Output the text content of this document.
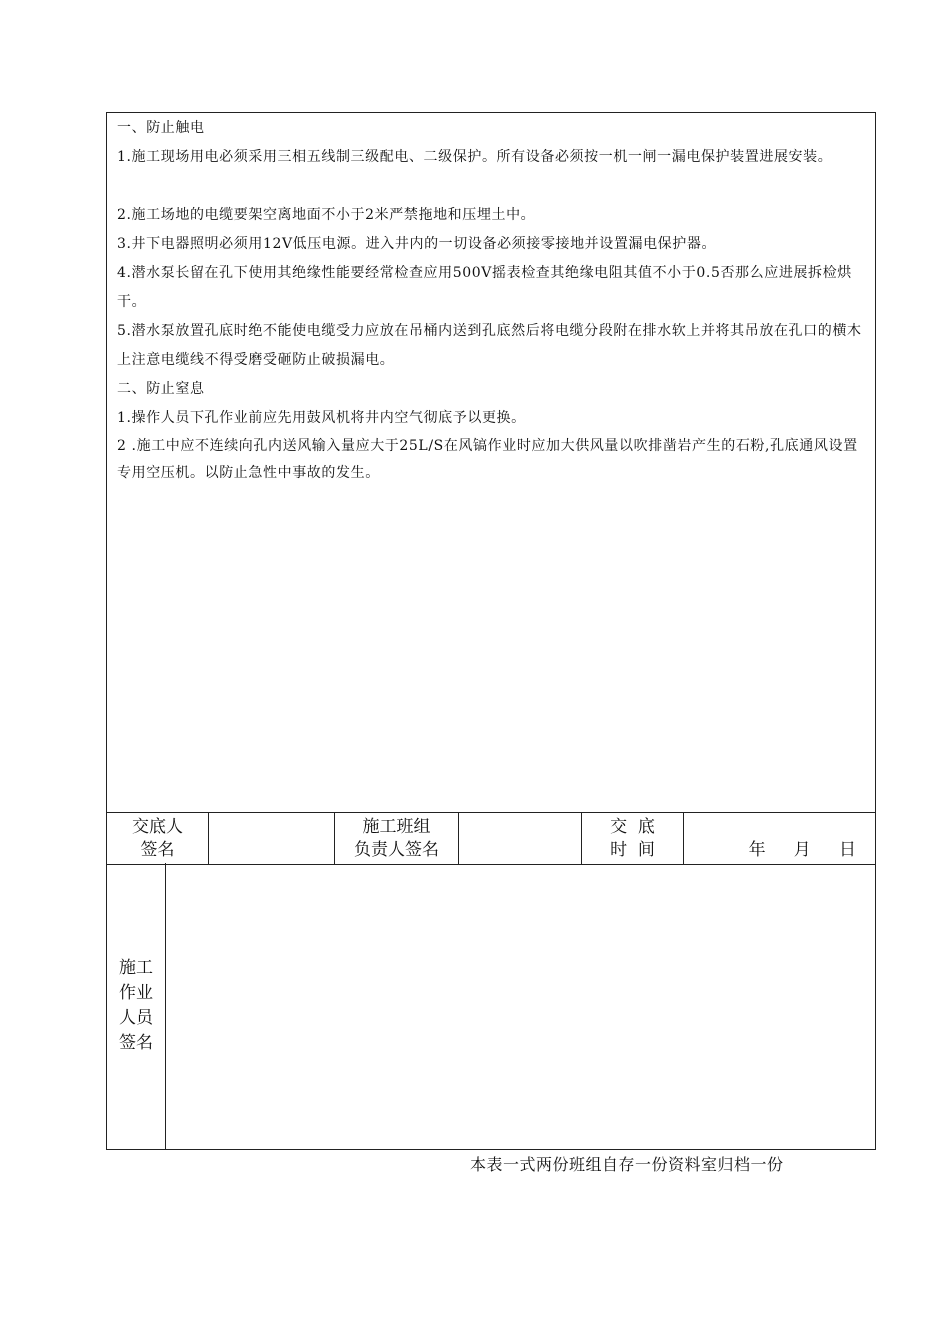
一、防止触电

1.施工现场用电必须采用三相五线制三级配电、二级保护。所有设备必须按一机一闸一漏电保护装置进展安装。

2.施工场地的电缆要架空离地面不小于2米严禁拖地和压埋土中。

3.井下电器照明必须用12V低压电源。进入井内的一切设备必须接零接地并设置漏电保护器。

4.潜水泵长留在孔下使用其绝缘性能要经常检查应用500V摇表检查其绝缘电阻其值不小于0.5否那么应进展拆检烘干。

5.潜水泵放置孔底时绝不能使电缆受力应放在吊桶内送到孔底然后将电缆分段附在排水软上并将其吊放在孔口的横木上注意电缆线不得受磨受砸防止破损漏电。

二、防止窒息

1.操作人员下孔作业前应先用鼓风机将井内空气彻底予以更换。

2 .施工中应不连续向孔内送风输入量应大于25L/S在风镐作业时应加大供风量以吹排凿岩产生的石粉,孔底通风设置专用空压机。以防止急性中事故的发生。

交底人
签名
施工班组
负责人签名
交  底
时  间	年   月   日
施工
作业
人员
签名
本表一式两份班组自存一份资料室归档一份
